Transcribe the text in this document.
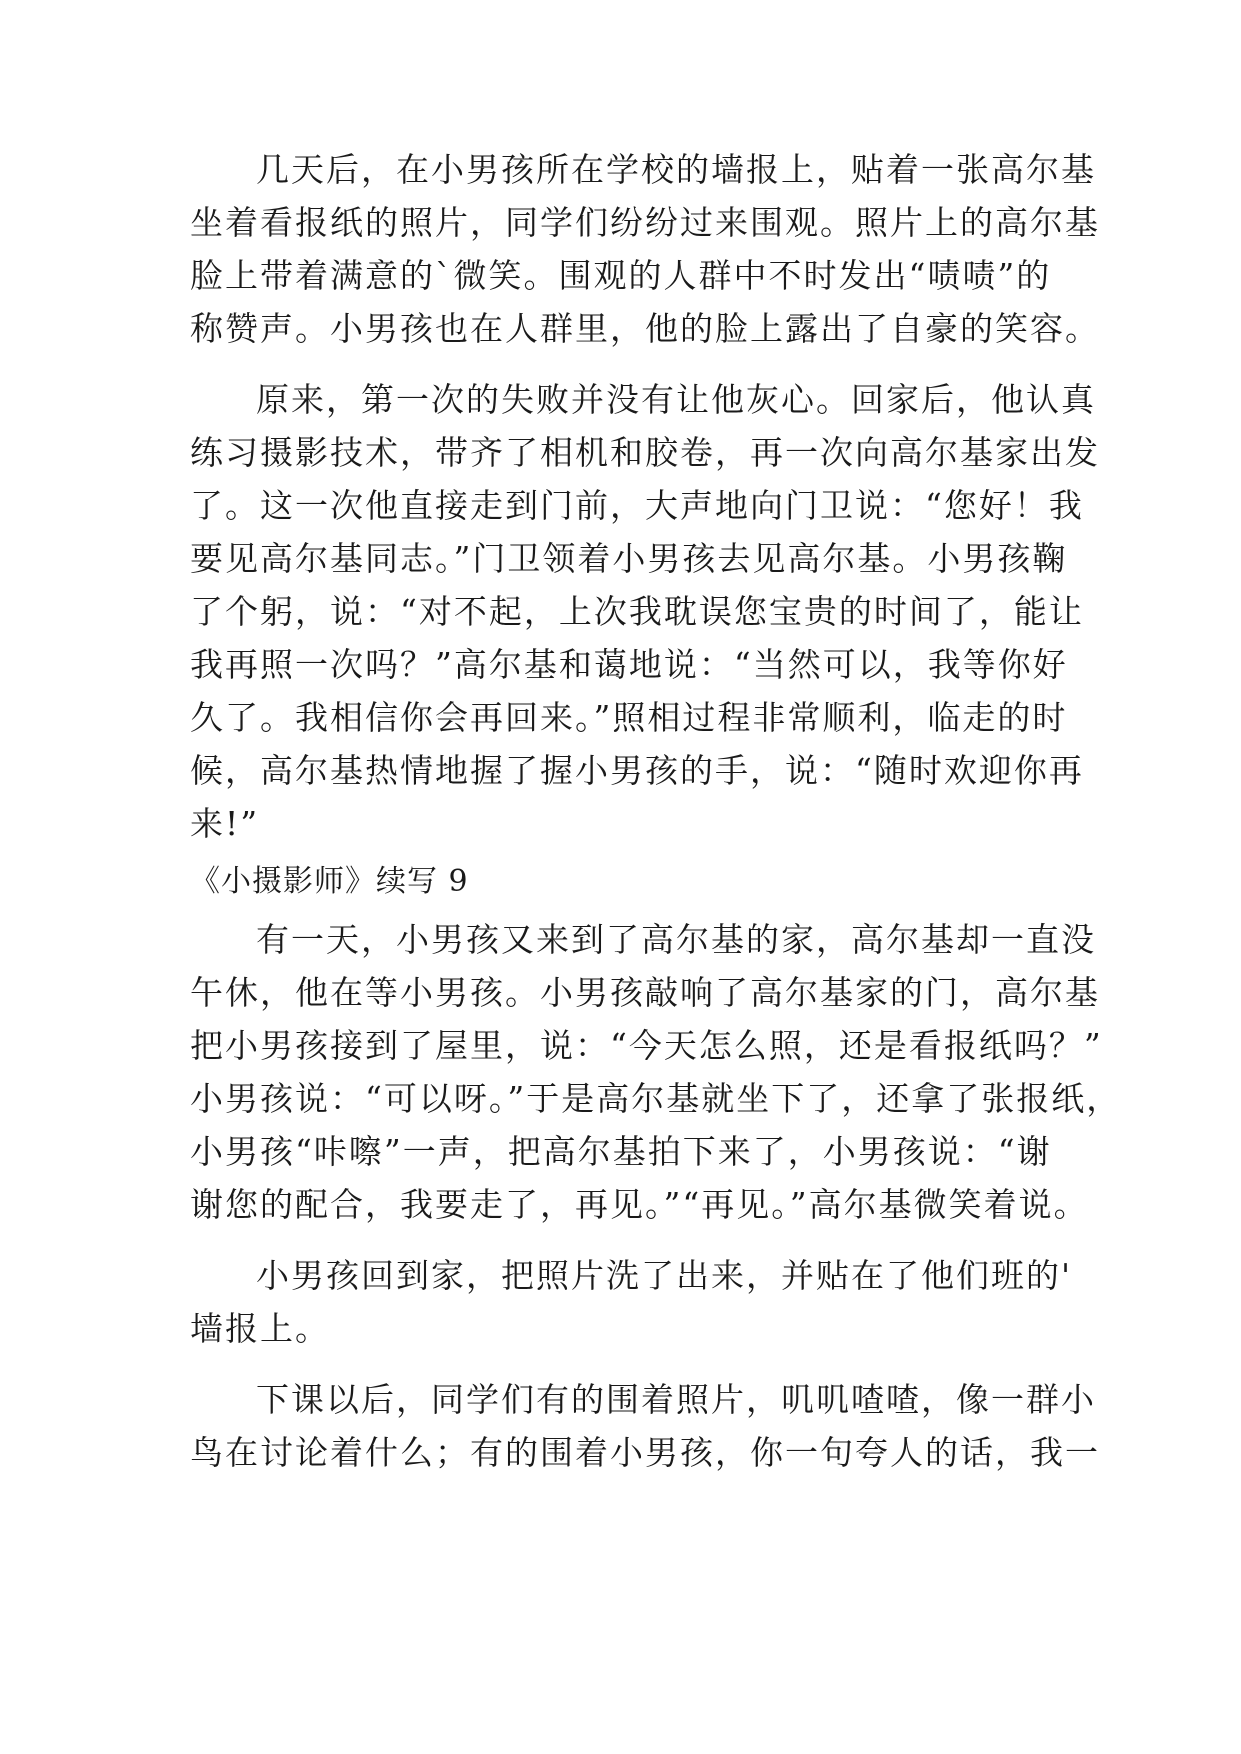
几天后，在小男孩所在学校的墙报上，贴着一张高尔基
坐着看报纸的照片，同学们纷纷过来围观。照片上的高尔基
脸上带着满意的`微笑。围观的人群中不时发出“啧啧”的
称赞声。小男孩也在人群里，他的脸上露出了自豪的笑容。
原来，第一次的失败并没有让他灰心。回家后，他认真
练习摄影技术，带齐了相机和胶卷，再一次向高尔基家出发
了。这一次他直接走到门前，大声地向门卫说：“您好！我
要见高尔基同志。”门卫领着小男孩去见高尔基。小男孩鞠
了个躬，说：“对不起，上次我耽误您宝贵的时间了，能让
我再照一次吗？”高尔基和蔼地说：“当然可以，我等你好
久了。我相信你会再回来。”照相过程非常顺利，临走的时
候，高尔基热情地握了握小男孩的手，说：“随时欢迎你再
来!”
《小摄影师》续写 9
有一天，小男孩又来到了高尔基的家，高尔基却一直没
午休，他在等小男孩。小男孩敲响了高尔基家的门，高尔基
把小男孩接到了屋里，说：“今天怎么照，还是看报纸吗？”
小男孩说：“可以呀。”于是高尔基就坐下了，还拿了张报纸，
小男孩“咔嚓”一声，把高尔基拍下来了，小男孩说：“谢
谢您的配合，我要走了，再见。”“再见。”高尔基微笑着说。
小男孩回到家，把照片洗了出来，并贴在了他们班的'
墙报上。
下课以后，同学们有的围着照片，叽叽喳喳，像一群小
鸟在讨论着什么；有的围着小男孩，你一句夸人的话，我一
